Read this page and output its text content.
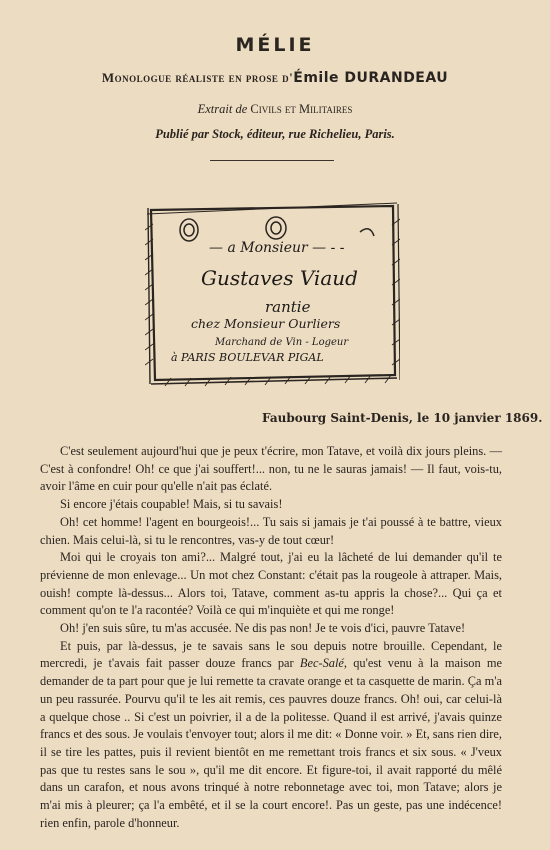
MÉLIE
Monologue réaliste en prose d'Émile DURANDEAU
Extrait de Civils et Militaires
Publié par Stock, éditeur, rue Richelieu, Paris.
— a Monsieur — - -
Gustaves Viaud
rantie
chez Monsieur Ourliers
Marchand de Vin - Logeur
à PARIS BOULEVAR PIGAL
Faubourg Saint-Denis, le 10 janvier 1869.

C'est seulement aujourd'hui que je peux t'écrire, mon Tatave, et voilà dix jours pleins. — C'est à confondre! Oh! ce que j'ai souffert!... non, tu ne le sauras jamais! — Il faut, vois-tu, avoir l'âme en cuir pour qu'elle n'ait pas éclaté.

Si encore j'étais coupable! Mais, si tu savais!

Oh! cet homme! l'agent en bourgeois!... Tu sais si jamais je t'ai poussé à te battre, vieux chien. Mais celui-là, si tu le rencontres, vas-y de tout cœur!

Moi qui le croyais ton ami?... Malgré tout, j'ai eu la lâcheté de lui demander qu'il te prévienne de mon enlevage... Un mot chez Constant: c'était pas la rougeole à attraper. Mais, ouish! compte là-dessus... Alors toi, Tatave, comment as-tu appris la chose?... Qui ça et comment qu'on te l'a racontée? Voilà ce qui m'inquiète et qui me ronge!

Oh! j'en suis sûre, tu m'as accusée. Ne dis pas non! Je te vois d'ici, pauvre Tatave!

Et puis, par là-dessus, je te savais sans le sou depuis notre brouille. Cependant, le mercredi, je t'avais fait passer douze francs par Bec-Salé, qu'est venu à la maison me demander de ta part pour que je lui remette ta cravate orange et ta casquette de marin. Ça m'a un peu rassurée. Pourvu qu'il te les ait remis, ces pauvres douze francs. Oh! oui, car celui-là a quelque chose .. Si c'est un poivrier, il a de la politesse. Quand il est arrivé, j'avais quinze francs et des sous. Je voulais t'envoyer tout; alors il me dit: « Donne voir. » Et, sans rien dire, il se tire les pattes, puis il revient bientôt en me remettant trois francs et six sous. « J'veux pas que tu restes sans le sou », qu'il me dit encore. Et figure-toi, il avait rapporté du mêlé dans un carafon, et nous avons trinqué à notre rebonnetage avec toi, mon Tatave; alors je m'ai mis à pleurer; ça l'a embêté, et il se la court encore!. Pas un geste, pas une indécence! rien enfin, parole d'honneur.
